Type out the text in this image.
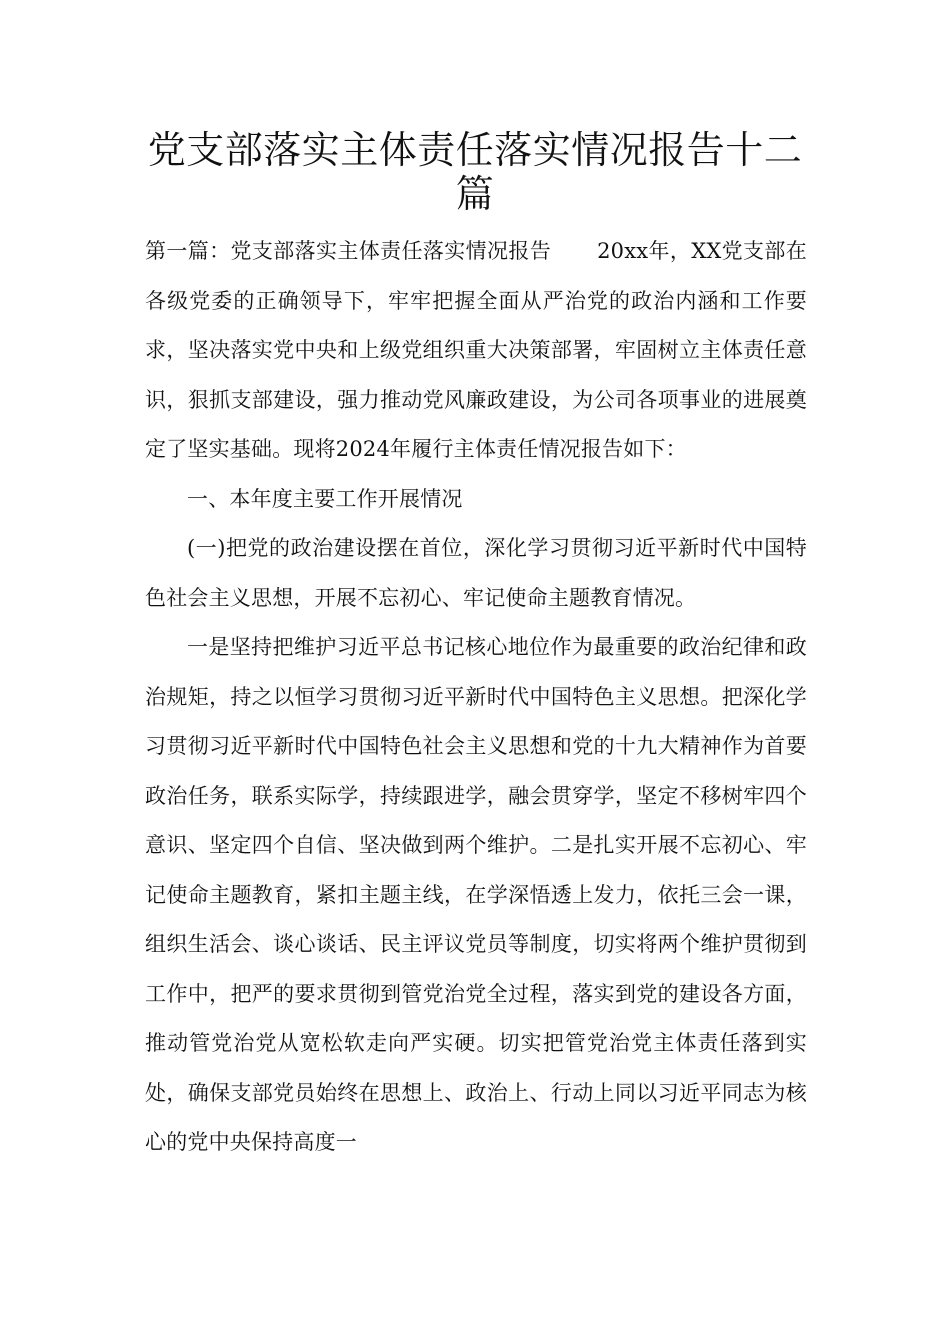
党支部落实主体责任落实情况报告十二篇

第一篇：党支部落实主体责任落实情况报告 20xx年，XX党支部在各级党委的正确领导下，牢牢把握全面从严治党的政治内涵和工作要求，坚决落实党中央和上级党组织重大决策部署，牢固树立主体责任意识，狠抓支部建设，强力推动党风廉政建设，为公司各项事业的进展奠定了坚实基础。现将2024年履行主体责任情况报告如下：

一、本年度主要工作开展情况

(一)把党的政治建设摆在首位，深化学习贯彻习近平新时代中国特色社会主义思想，开展不忘初心、牢记使命主题教育情况。

一是坚持把维护习近平总书记核心地位作为最重要的政治纪律和政治规矩，持之以恒学习贯彻习近平新时代中国特色主义思想。把深化学习贯彻习近平新时代中国特色社会主义思想和党的十九大精神作为首要政治任务，联系实际学，持续跟进学，融会贯穿学，坚定不移树牢四个意识、坚定四个自信、坚决做到两个维护。二是扎实开展不忘初心、牢记使命主题教育，紧扣主题主线，在学深悟透上发力，依托三会一课，组织生活会、谈心谈话、民主评议党员等制度，切实将两个维护贯彻到工作中，把严的要求贯彻到管党治党全过程，落实到党的建设各方面，推动管党治党从宽松软走向严实硬。切实把管党治党主体责任落到实处，确保支部党员始终在思想上、政治上、行动上同以习近平同志为核心的党中央保持高度一
